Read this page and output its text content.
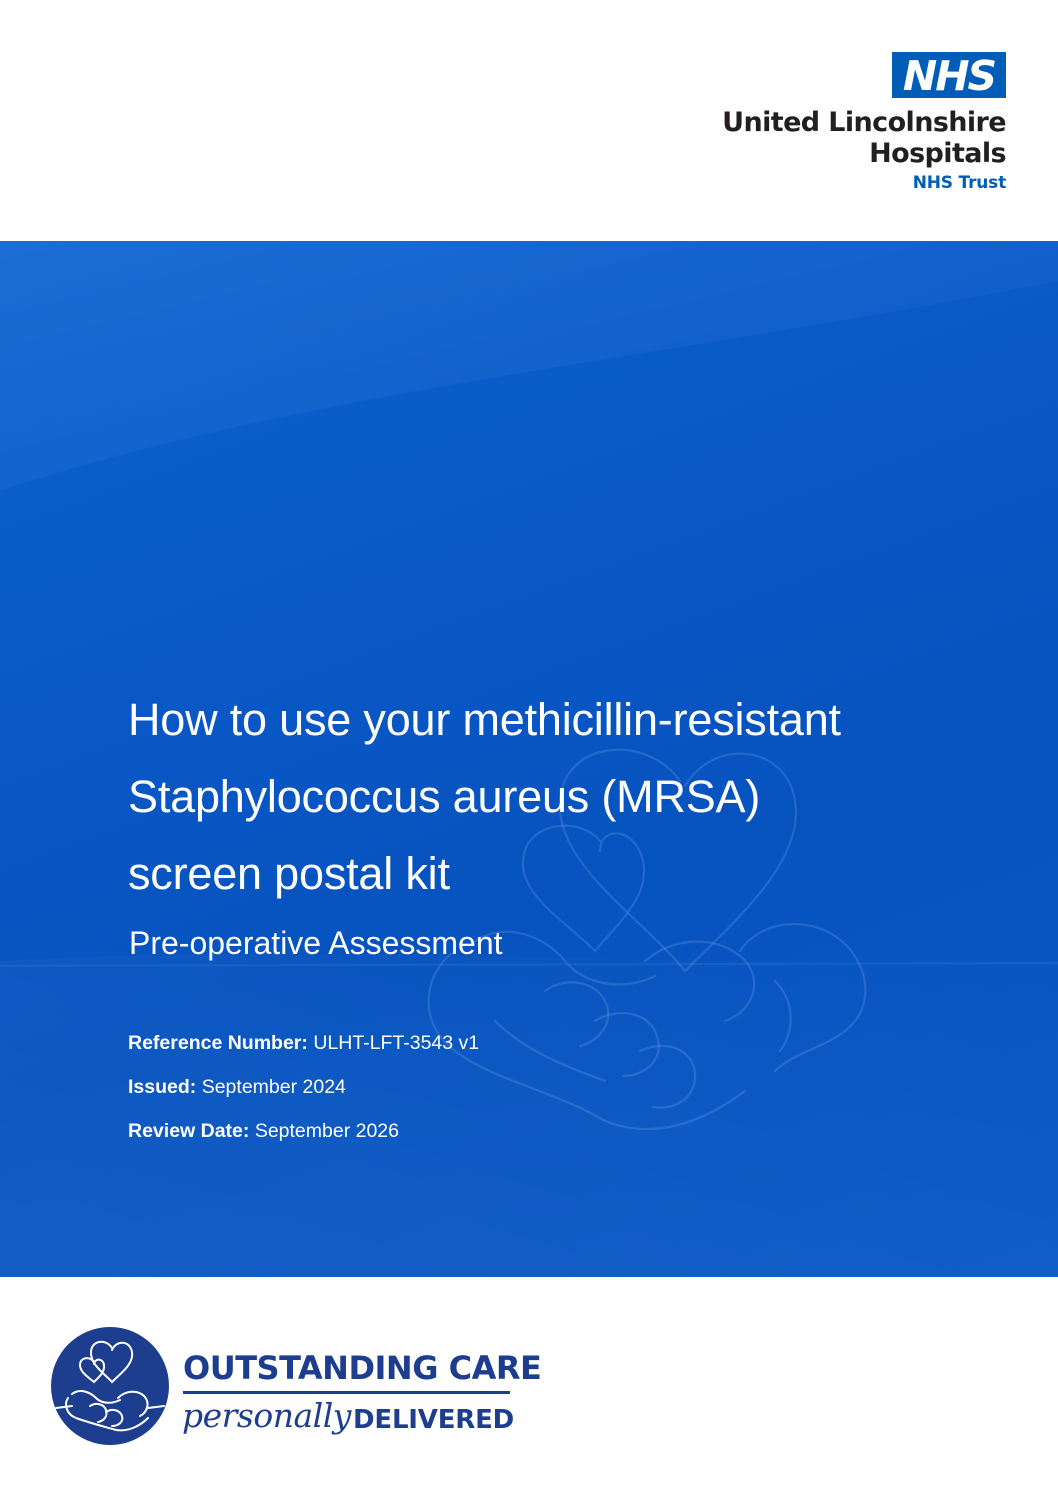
NHS
United Lincolnshire
Hospitals
NHS Trust
How to use your methicillin-resistant
Staphylococcus aureus (MRSA)
screen postal kit

Pre-operative Assessment

Reference Number: ULHT-LFT-3543 v1
Issued: September 2024
Review Date: September 2026
OUTSTANDING CARE
personally DELIVERED
